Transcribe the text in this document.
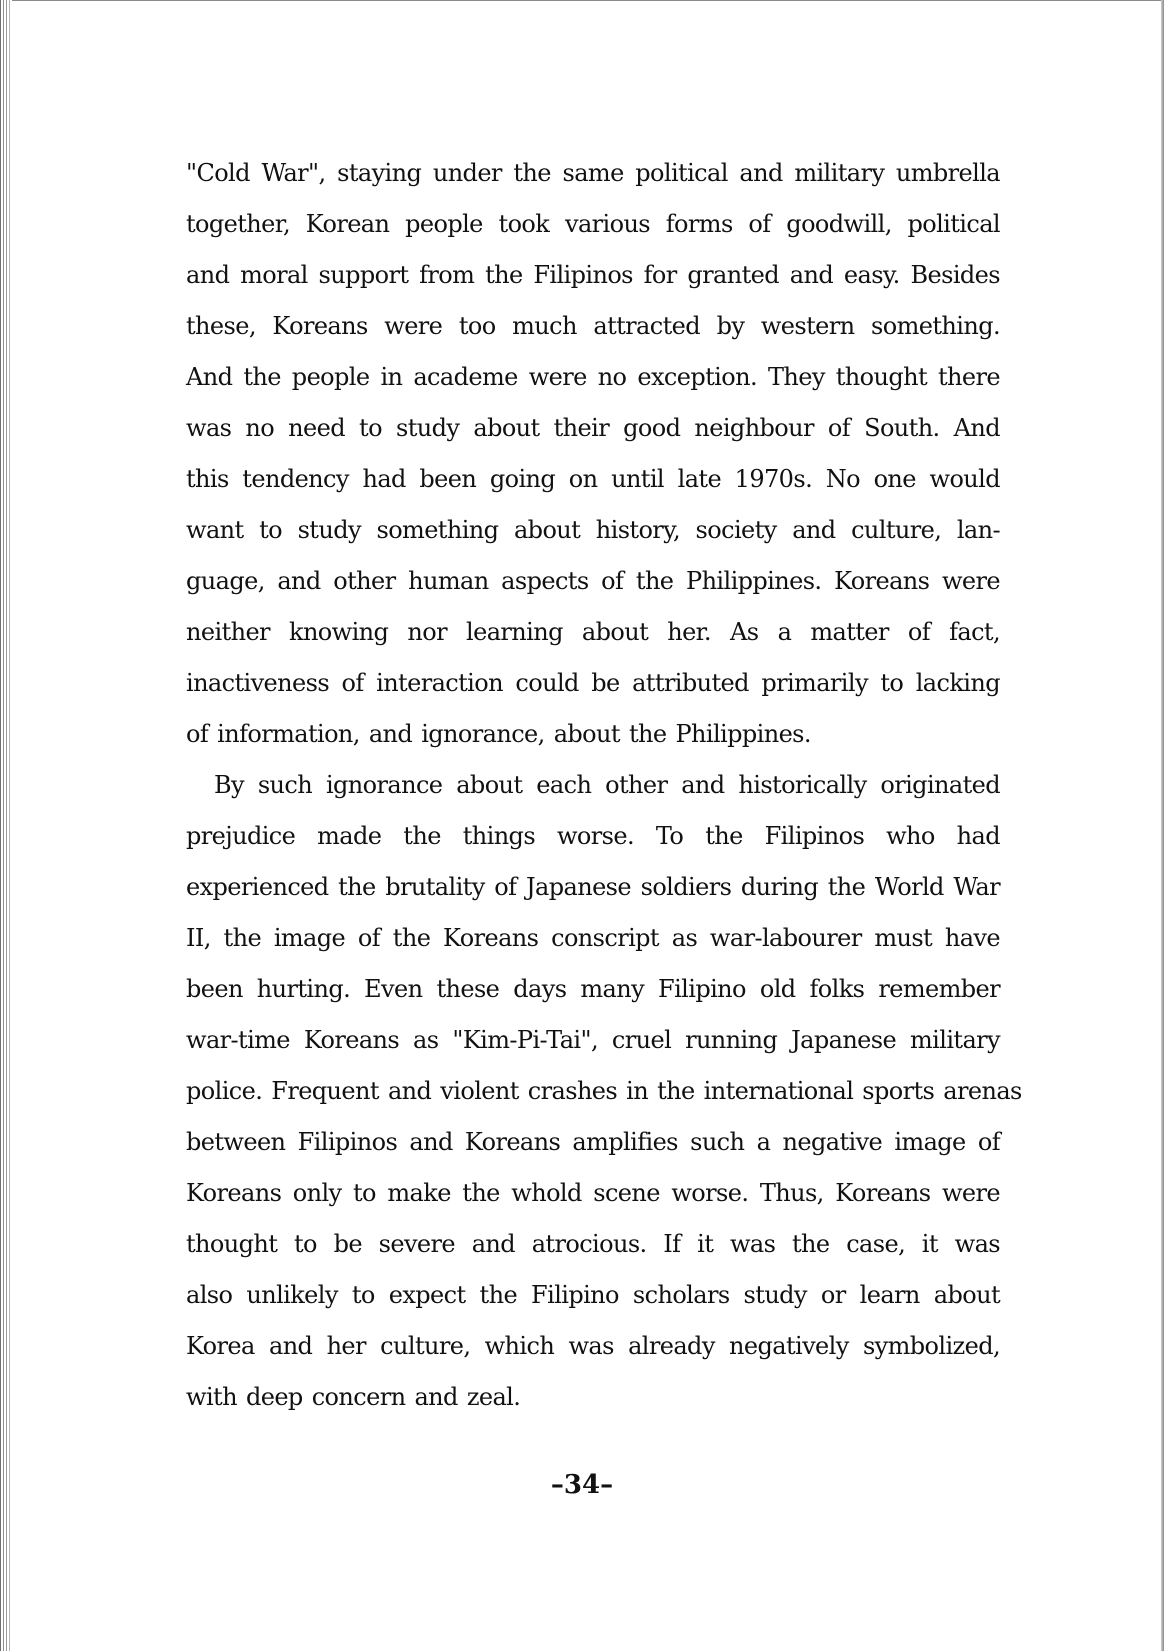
"Cold War", staying under the same political and military umbrella
together, Korean people took various forms of goodwill, political
and moral support from the Filipinos for granted and easy. Besides
these, Koreans were too much attracted by western something.
And the people in academe were no exception. They thought there
was no need to study about their good neighbour of South. And
this tendency had been going on until late 1970s. No one would
want to study something about history, society and culture, lan-
guage, and other human aspects of the Philippines. Koreans were
neither knowing nor learning about her. As a matter of fact,
inactiveness of interaction could be attributed primarily to lacking
of information, and ignorance, about the Philippines.
By such ignorance about each other and historically originated
prejudice made the things worse. To the Filipinos who had
experienced the brutality of Japanese soldiers during the World War
II, the image of the Koreans conscript as war-labourer must have
been hurting. Even these days many Filipino old folks remember
war-time Koreans as "Kim-Pi-Tai", cruel running Japanese military
police. Frequent and violent crashes in the international sports arenas
between Filipinos and Koreans amplifies such a negative image of
Koreans only to make the whold scene worse. Thus, Koreans were
thought to be severe and atrocious. If it was the case, it was
also unlikely to expect the Filipino scholars study or learn about
Korea and her culture, which was already negatively symbolized,
with deep concern and zeal.
–34–
